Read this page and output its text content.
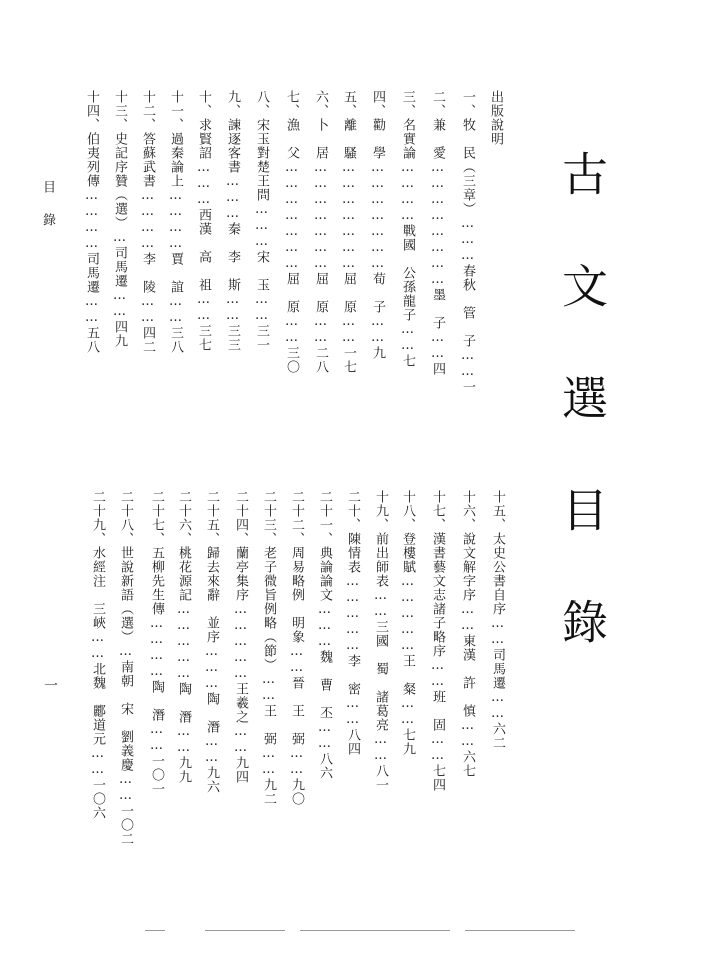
古文選目錄
出版說明
一、牧　民（三章）………春秋　管　子……一
二、兼　愛……………………墨　子……四
三、名實論…………戰國　公孫龍子……七
四、勸　學…………………荀　子……九
五、離　騷…………………屈　原……一七
六、卜　居…………………屈　原……二八
七、漁　父…………………屈　原……三〇
八、宋玉對楚王問………宋　玉……三一
九、諫逐客書………秦　李　斯……三三
十、求賢詔………西漢　高　祖……三七
十一、過秦論上…………賈　誼……三八
十二、答蘇武書…………李　陵……四二
十三、史記序贊（選）…司馬遷……四九
十四、伯夷列傳…………司馬遷……五八
十五、太史公書自序……司馬遷……六二
十六、說文解字序……東漢　許　慎……六七
十七、漢書藝文志諸子略序……班　固……七四
十八、登樓賦……………王　粲……七九
十九、前出師表……三國　蜀　諸葛亮……八一
二十、陳情表……………李　密……八四
二十一、典論論文………魏　曹　丕……八六
二十二、周易略例　明象……晉　王　弼……九〇
二十三、老子微旨例略（節）……王　弼……九二
二十四、蘭亭集序……………王羲之……九四
二十五、歸去來辭　並序………陶　潛……九六
二十六、桃花源記……………陶　潛……九九
二十七、五柳先生傳…………陶　潛……一〇一
二十八、世說新語（選）…南朝　宋　劉義慶……一〇二
二十九、水經注　三峽……北魏　酈道元……一〇六
目錄
一
